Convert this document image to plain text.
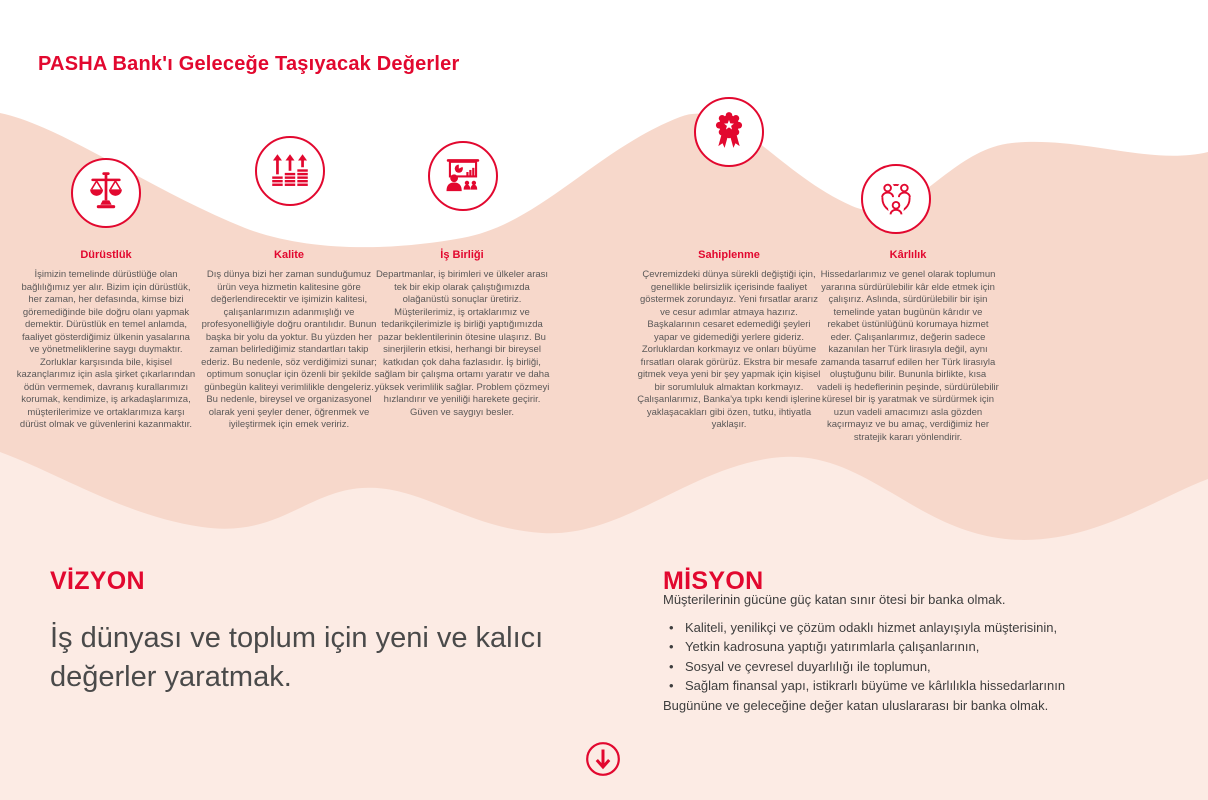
PASHA Bank'ı Geleceğe Taşıyacak Değerler
Dürüstlük

İşimizin temelinde dürüstlüğe olan bağlılığımız yer alır. Bizim için dürüstlük, her zaman, her defasında, kimse bizi göremediğinde bile doğru olanı yapmak demektir. Dürüstlük en temel anlamda, faaliyet gösterdiğimiz ülkenin yasalarına ve yönetmeliklerine saygı duymaktır. Zorluklar karşısında bile, kişisel kazançlarımız için asla şirket çıkarlarından ödün vermemek, davranış kurallarımızı korumak, kendimize, iş arkadaşlarımıza, müşterilerimize ve ortaklarımıza karşı dürüst olmak ve güvenlerini kazanmaktır.

Kalite

Dış dünya bizi her zaman sunduğumuz ürün veya hizmetin kalitesine göre değerlendirecektir ve işimizin kalitesi, çalışanlarımızın adanmışlığı ve profesyonelliğiyle doğru orantılıdır. Bunun başka bir yolu da yoktur. Bu yüzden her zaman belirlediğimiz standartları takip ederiz. Bu nedenle, söz verdiğimizi sunar; optimum sonuçlar için özenli bir şekilde günbegün kaliteyi verimlilikle dengeleriz. Bu nedenle, bireysel ve organizasyonel olarak yeni şeyler dener, öğrenmek ve iyileştirmek için emek veririz.

İş Birliği

Departmanlar, iş birimleri ve ülkeler arası tek bir ekip olarak çalıştığımızda olağanüstü sonuçlar üretiriz. Müşterilerimiz, iş ortaklarımız ve tedarikçilerimizle iş birliği yaptığımızda pazar beklentilerinin ötesine ulaşırız. Bu sinerjilerin etkisi, herhangi bir bireysel katkıdan çok daha fazlasıdır. İş birliği, sağlam bir çalışma ortamı yaratır ve daha yüksek verimlilik sağlar. Problem çözmeyi hızlandırır ve yeniliği harekete geçirir. Güven ve saygıyı besler.

Sahiplenme

Çevremizdeki dünya sürekli değiştiği için, genellikle belirsizlik içerisinde faaliyet göstermek zorundayız. Yeni fırsatlar ararız ve cesur adımlar atmaya hazırız. Başkalarının cesaret edemediği şeyleri yapar ve gidemediği yerlere gideriz. Zorluklardan korkmayız ve onları büyüme fırsatları olarak görürüz. Ekstra bir mesafe gitmek veya yeni bir şey yapmak için kişisel bir sorumluluk almaktan korkmayız. Çalışanlarımız, Banka'ya tıpkı kendi işlerine yaklaşacakları gibi özen, tutku, ihtiyatla yaklaşır.

Kârlılık

Hissedarlarımız ve genel olarak toplumun yararına sürdürülebilir kâr elde etmek için çalışırız. Aslında, sürdürülebilir bir işin temelinde yatan bugünün kârıdır ve rekabet üstünlüğünü korumaya hizmet eder. Çalışanlarımız, değerin sadece kazanılan her Türk lirasıyla değil, aynı zamanda tasarruf edilen her Türk lirasıyla oluştuğunu bilir. Bununla birlikte, kısa vadeli iş hedeflerinin peşinde, sürdürülebilir küresel bir iş yaratmak ve sürdürmek için uzun vadeli amacımızı asla gözden kaçırmayız ve bu amaç, verdiğimiz her stratejik kararı yönlendirir.

VİZYON

İş dünyası ve toplum için yeni ve kalıcı değerler yaratmak.

MİSYON

Müşterilerinin gücüne güç katan sınır ötesi bir banka olmak.

• Kaliteli, yenilikçi ve çözüm odaklı hizmet anlayışıyla müşterisinin,
• Yetkin kadrosuna yaptığı yatırımlarla çalışanlarının,
• Sosyal ve çevresel duyarlılığı ile toplumun,
• Sağlam finansal yapı, istikrarlı büyüme ve kârlılıkla hissedarlarının

Bugününe ve geleceğine değer katan uluslararası bir banka olmak.
